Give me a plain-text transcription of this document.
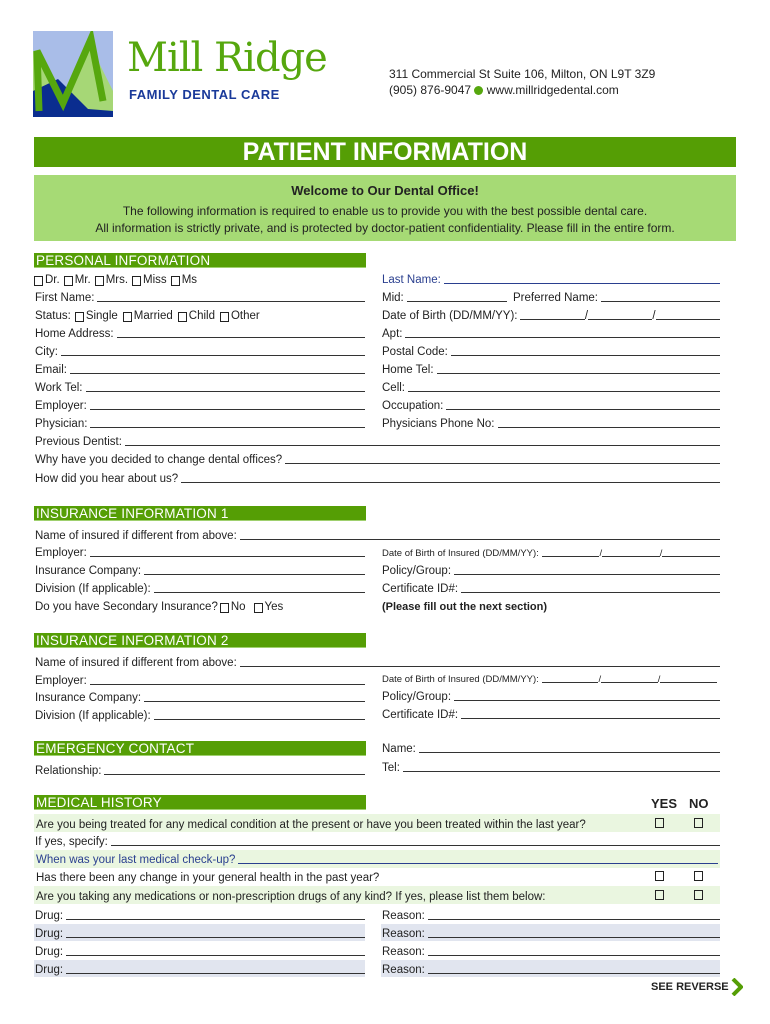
Mill Ridge
FAMILY DENTAL CARE
311 Commercial St Suite 106, Milton, ON L9T 3Z9
(905) 876-9047 www.millridgedental.com
PATIENT INFORMATION
Welcome to Our Dental Office!
The following information is required to enable us to provide you with the best possible dental care.
All information is strictly private, and is protected by doctor-patient confidentiality. Please fill in the entire form.
PERSONAL INFORMATION
Dr. Mr. Mrs. Miss Ms	Last Name:
First Name:	Mid:	Preferred Name:
Status: Single Married Child Other	Date of Birth (DD/MM/YY):	/	/
Home Address:	Apt:
City:	Postal Code:
Email:	Home Tel:
Work Tel:	Cell:
Employer:	Occupation:
Physician:	Physicians Phone No:
Previous Dentist:
Why have you decided to change dental offices?
How did you hear about us?
INSURANCE INFORMATION 1
Name of insured if different from above:
Employer:	Date of Birth of Insured (DD/MM/YY):	/	/
Insurance Company:	Policy/Group:
Division (If applicable):	Certificate ID#:
Do you have Secondary Insurance? No Yes	(Please fill out the next section)
INSURANCE INFORMATION 2
Name of insured if different from above:
Employer:	Date of Birth of Insured (DD/MM/YY):	/	/
Insurance Company:	Policy/Group:
Division (If applicable):	Certificate ID#:
EMERGENCY CONTACT	Name:
Relationship:	Tel:
MEDICAL HISTORY	YES NO
Are you being treated for any medical condition at the present or have you been treated within the last year?
If yes, specify:
When was your last medical check-up?
Has there been any change in your general health in the past year?
Are you taking any medications or non-prescription drugs of any kind? If yes, please list them below:
Drug:	Reason:
Drug:	Reason:
Drug:	Reason:
Drug:	Reason:
SEE REVERSE
